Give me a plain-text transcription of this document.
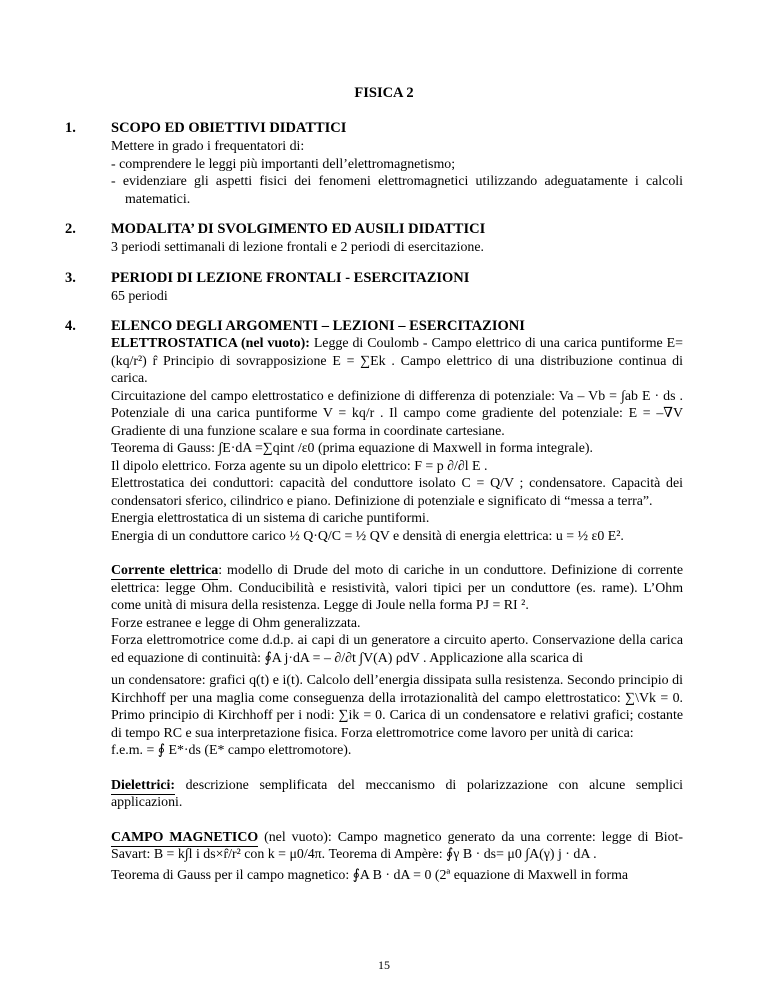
FISICA 2
1. SCOPO ED OBIETTIVI DIDATTICI

Mettere in grado i frequentatori di:

- comprendere le leggi più importanti dell’elettromagnetismo;

- evidenziare gli aspetti fisici dei fenomeni elettromagnetici utilizzando adeguatamente i calcoli matematici.

2. MODALITA’ DI SVOLGIMENTO ED AUSILI DIDATTICI

3 periodi settimanali di lezione frontali e 2 periodi di esercitazione.

3. PERIODI DI LEZIONE FRONTALI - ESERCITAZIONI

65 periodi

4. ELENCO DEGLI ARGOMENTI – LEZIONI – ESERCITAZIONI

ELETTROSTATICA (nel vuoto): Legge di Coulomb - Campo elettrico di una carica puntiforme E=(kq/r²) r̂ Principio di sovrapposizione E = ∑Ek . Campo elettrico di una distribuzione continua di carica.

Circuitazione del campo elettrostatico e definizione di differenza di potenziale: Va – Vb = ∫ab E · ds . Potenziale di una carica puntiforme V = kq/r . Il campo come gradiente del potenziale: E = –∇V Gradiente di una funzione scalare e sua forma in coordinate cartesiane.

Teorema di Gauss: ∫E·dA =∑qint /ε0 (prima equazione di Maxwell in forma integrale).

Il dipolo elettrico. Forza agente su un dipolo elettrico: F = p ∂/∂l E .

Elettrostatica dei conduttori: capacità del conduttore isolato C = Q/V ; condensatore. Capacità dei condensatori sferico, cilindrico e piano. Definizione di potenziale e significato di “messa a terra”.

Energia elettrostatica di un sistema di cariche puntiformi.

Energia di un conduttore carico ½ Q·Q/C = ½ QV e densità di energia elettrica: u = ½ ε0 E².

Corrente elettrica: modello di Drude del moto di cariche in un conduttore. Definizione di corrente elettrica: legge Ohm. Conducibilità e resistività, valori tipici per un conduttore (es. rame). L’Ohm come unità di misura della resistenza. Legge di Joule nella forma PJ = RI ².

Forze estranee e legge di Ohm generalizzata.

Forza elettromotrice come d.d.p. ai capi di un generatore a circuito aperto. Conservazione della carica ed equazione di continuità: ∮A j·dA = – ∂/∂t ∫V(A) ρdV . Applicazione alla scarica di

un condensatore: grafici q(t) e i(t). Calcolo dell’energia dissipata sulla resistenza. Secondo principio di Kirchhoff per una maglia come conseguenza della irrotazionalità del campo elettrostatico: ∑\Vk = 0. Primo principio di Kirchhoff per i nodi: ∑ik = 0. Carica di un condensatore e relativi grafici; costante di tempo RC e sua interpretazione fisica. Forza elettromotrice come lavoro per unità di carica:

f.e.m. = ∮ E*·ds (E* campo elettromotore).

Dielettrici: descrizione semplificata del meccanismo di polarizzazione con alcune semplici applicazioni.

CAMPO MAGNETICO (nel vuoto): Campo magnetico generato da una corrente: legge di Biot-Savart: B = k∫l i ds×r̂/r² con k = μ0/4π. Teorema di Ampère: ∮γ B · ds= μ0 ∫A(γ) j · dA .

Teorema di Gauss per il campo magnetico: ∮A B · dA = 0 (2ª equazione di Maxwell in forma

15
